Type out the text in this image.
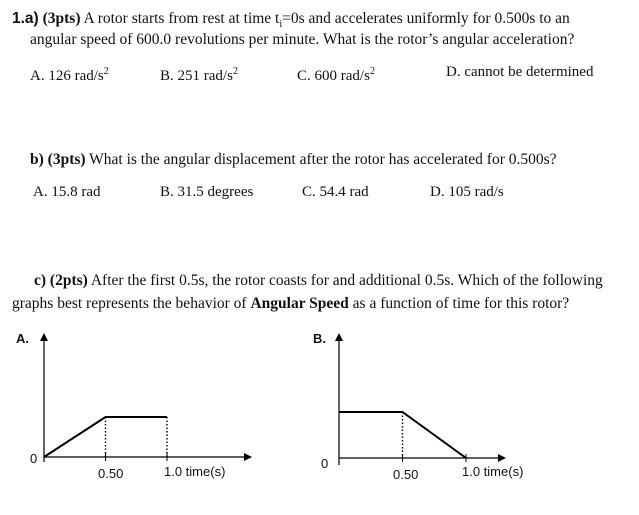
1.a) (3pts) A rotor starts from rest at time $t_i=0s$ and accelerates uniformly for 0.500s to an
angular speed of 600.0 revolutions per minute. What is the rotor’s angular acceleration?
A. 126 rad/$s^2$	B. 251 rad/$s^2$	C. 600 rad/$s^2$	D. cannot be determined
b) (3pts) What is the angular displacement after the rotor has accelerated for 0.500s?
A. 15.8 rad	B. 31.5 degrees	C. 54.4 rad	D. 105 rad/s
c) (2pts) After the first 0.5s, the rotor coasts for and additional 0.5s. Which of the following
graphs best represents the behavior of Angular Speed as a function of time for this rotor?
A.	B.
0
0.50	1.0 time(s)
0
0.50	1.0 time(s)
